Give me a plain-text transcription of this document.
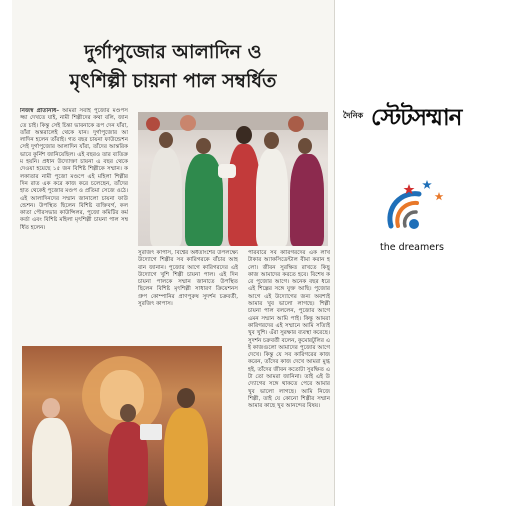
দুর্গাপুজোর আলাদিন ও
মৃৎশিল্পী চায়না পাল সম্বর্ধিত
নিজস্ব প্রতিনিধি– আমরা সবাই পুজোর মণ্ডপসজ্জা দেখতে যাই, নামী শিল্পীদের কথা বলি, জানতে চাই। কিন্তু সেই চিন্তা ভাবনাকে রূপ দেন যাঁরা, তাঁরা অন্তরালেই থেকে যান। দুর্গাপুজোর আলাদিন হলেন তাঁরাই। গত বছর চায়না ফাউন্ডেশন সেই দুর্গাপুজোর আলাদিন যাঁরা, তাঁদের আন্তরিকভাবে কুর্নিশ জানিয়েছিল। এই বছরও তার ব্যতিক্রম হয়নি। প্রধান উদ্যোক্তা চায়না এ বছর থেকে দেওয়া হয়েছে ১৫ জন বিশিষ্ট শিল্পীকে সম্মান। কলকাতার নামী পুজো মণ্ডপে এই মহিলা শিল্পীর দিন রাত এক করে কাজ করে চলেছেন, তাঁদের হাত থেকেই পুজোর মণ্ডপ ও প্রতিমা সেজে ওঠে। এই আলাদিনদের সম্মান জানালো চায়না ফাউন্ডেশন। উপস্থিত ছিলেন বিশিষ্ট ব্যক্তিবর্গ, কলকাতা পৌরসভার কাউন্সিলর, পুজো কমিটির কর্মকর্তা এবং বিশিষ্ট মহিলা মৃৎশিল্পী চায়না পাল সম্বর্ধিত হলেন।
সুরজিৎ কাপাস, বিশ্বের অর্ধতাংশের উপলক্ষ্যে উদ্যোগে শিল্পীর সব কারিগরকে বাঁচার আহবান জানান। পুজোর আগে কারিগরদের এই উদ্যোগে খুশি শিল্পী চায়না পাল। এই দিন চায়না পালকে সম্মান জানাতে উপস্থিত ছিলেন বিশিষ্ট মৃৎশিল্পী সাধারণ ক্রিয়েশনস গ্রুপ কোম্পানির প্রাণপুরুষ সুদর্শন চক্রবর্তী, সুরজিৎ কাপাস।
পরিবারে সব কারিগরদের এক লাখ টাকার অ্যাকসিডেন্টাল বীমা করান হলো। জীবন সুরক্ষিত রাখতে কিছু কাজ আমাদের করতে হবে। বিশেষ করে পুজোর আগে। অনেক বছর ধরে এই শিল্পের সঙ্গে যুক্ত আছি। পুজোর আগে এই উদ্যোগের জন্য অবশ্যই আমার খুব ভালো লাগছে। শিল্পী চায়না পাল বললেন, পুজোর আগে এমন সম্মান আমি পাই। কিন্তু আমরা কারিগরদের এই সম্মানে আমি সত্যিই খুব খুশি। এঁরা সুরক্ষার ব্যবস্থা করেছে। সুদর্শন চক্রবর্তী বলেন, কুমোরটুলির এই কাজগুলো আমাদের পুজোর আগে দেখে। কিন্তু যে সব কারিগরের কাজ করেন, তাঁদের কাজ দেখে আমরা মুগ্ধ হই, তাঁদের জীবন কতোটা সুরক্ষিত এটা তো আমরা জানিনা। তাই এই উদ্যোগের সঙ্গে থাকতে পেরে আমার খুব ভালো লাগছে। আমি নিজে শিল্পী, তাই যে কোনো শিল্পীর সম্মান আমার কাছে খুব আনন্দের বিষয়।
দৈনিক স্টেটসম্মান
the dreamers
